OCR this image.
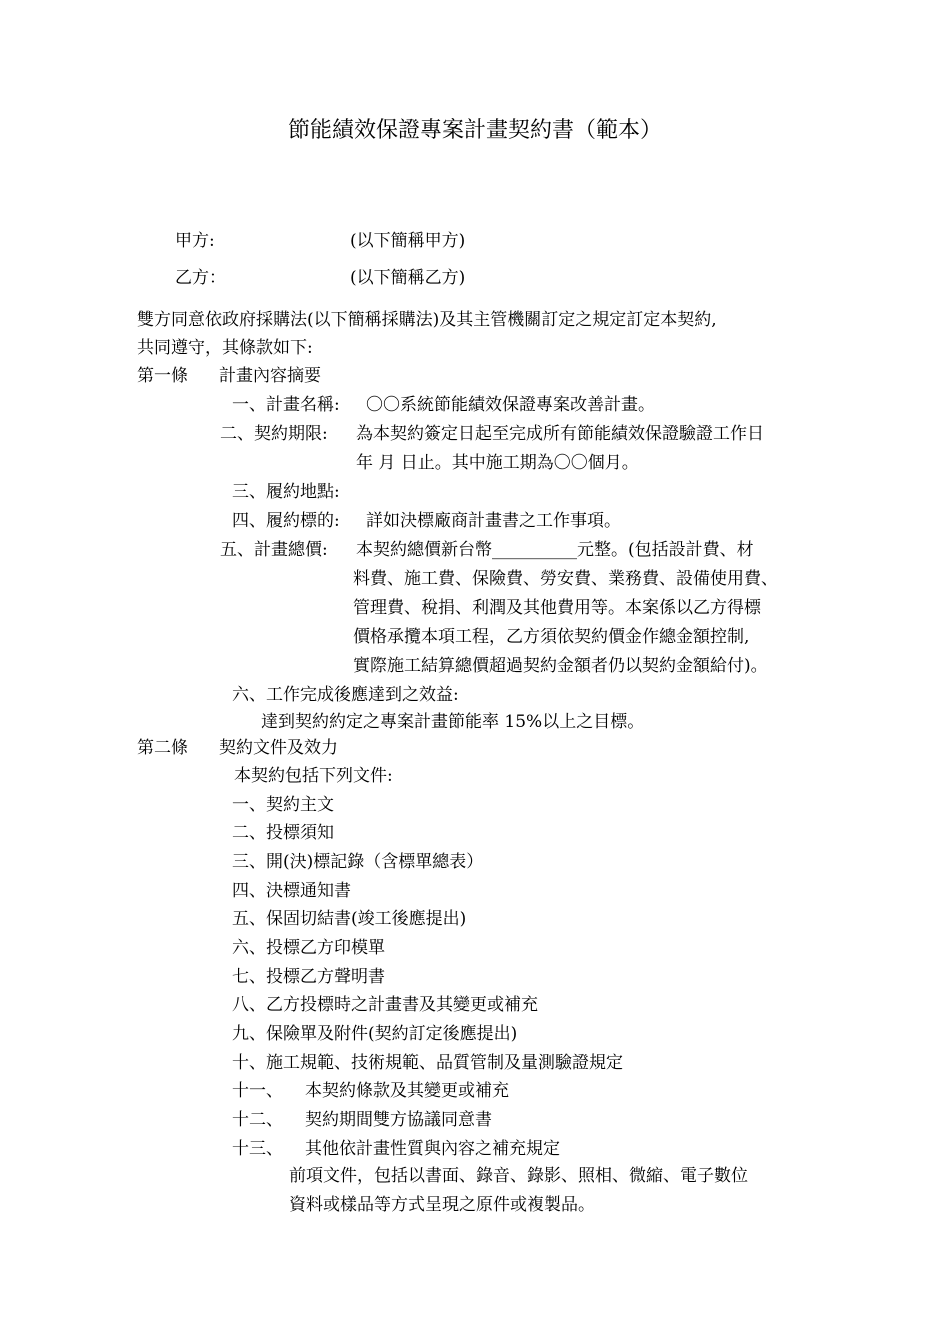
節能績效保證專案計畫契約書（範本）
甲方:	(以下簡稱甲方)
乙方：	(以下簡稱乙方)
雙方同意依政府採購法(以下簡稱採購法)及其主管機關訂定之規定訂定本契約,
共同遵守，其條款如下:
第一條 計畫內容摘要
一、計畫名稱: 〇〇系統節能績效保證專案改善計畫。
二、契約期限: 為本契約簽定日起至完成所有節能績效保證驗證工作日
年 月 日止。其中施工期為〇〇個月。
三、履約地點:
四、履約標的: 詳如決標廠商計畫書之工作事項。
五、計畫總價: 本契約總價新台幣__________元整。(包括設計費、材
料費、施工費、保險費、勞安費、業務費、設備使用費、
管理費、稅捐、利潤及其他費用等。本案係以乙方得標
價格承攬本項工程，乙方須依契約價金作總金額控制,
實際施工結算總價超過契約金額者仍以契約金額給付)。
六、工作完成後應達到之效益:
達到契約約定之專案計畫節能率 15%以上之目標。
第二條 契約文件及效力
本契約包括下列文件:
一、契約主文
二、投標須知
三、開(決)標記錄（含標單總表）
四、決標通知書
五、保固切結書(竣工後應提出)
六、投標乙方印模單
七、投標乙方聲明書
八、乙方投標時之計畫書及其變更或補充
九、保險單及附件(契約訂定後應提出)
十、施工規範、技術規範、品質管制及量測驗證規定
十一、 本契約條款及其變更或補充
十二、 契約期間雙方協議同意書
十三、 其他依計畫性質與內容之補充規定
前項文件，包括以書面、錄音、錄影、照相、微縮、電子數位
資料或樣品等方式呈現之原件或複製品。
